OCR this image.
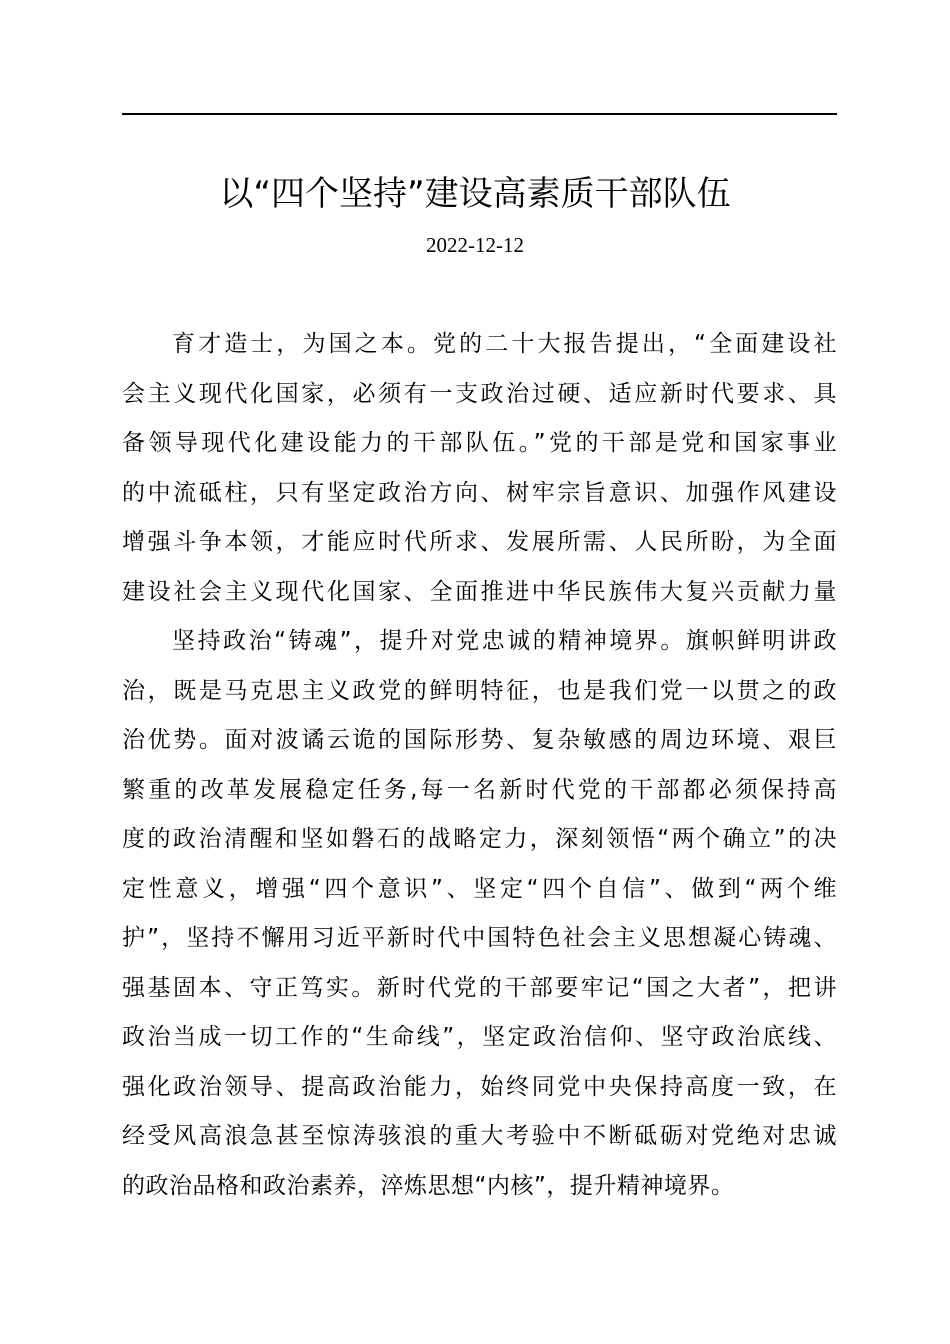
以“四个坚持”建设高素质干部队伍
2022-12-12
育才造士，为国之本。党的二十大报告提出，“全面建设社
会主义现代化国家，必须有一支政治过硬、适应新时代要求、具
备领导现代化建设能力的干部队伍。”党的干部是党和国家事业
的中流砥柱，只有坚定政治方向、树牢宗旨意识、加强作风建设
增强斗争本领，才能应时代所求、发展所需、人民所盼，为全面
建设社会主义现代化国家、全面推进中华民族伟大复兴贡献力量
坚持政治“铸魂”，提升对党忠诚的精神境界。旗帜鲜明讲政
治，既是马克思主义政党的鲜明特征，也是我们党一以贯之的政
治优势。面对波谲云诡的国际形势、复杂敏感的周边环境、艰巨
繁重的改革发展稳定任务,每一名新时代党的干部都必须保持高
度的政治清醒和坚如磐石的战略定力，深刻领悟“两个确立”的决
定性意义，增强“四个意识”、坚定“四个自信”、做到“两个维
护”，坚持不懈用习近平新时代中国特色社会主义思想凝心铸魂、
强基固本、守正笃实。新时代党的干部要牢记“国之大者”，把讲
政治当成一切工作的“生命线”，坚定政治信仰、坚守政治底线、
强化政治领导、提高政治能力，始终同党中央保持高度一致，在
经受风高浪急甚至惊涛骇浪的重大考验中不断砥砺对党绝对忠诚
的政治品格和政治素养，淬炼思想“内核”，提升精神境界。
